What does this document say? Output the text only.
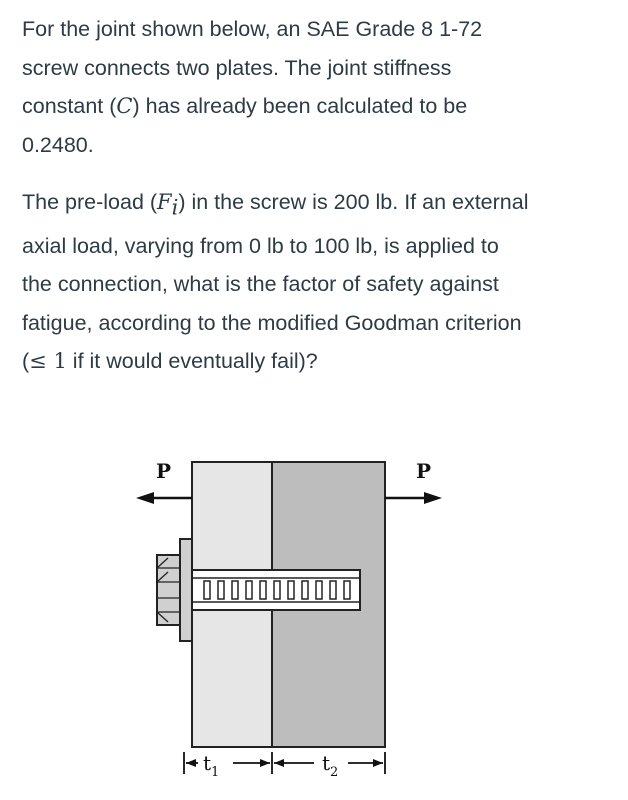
For the joint shown below, an SAE Grade 8 1-72
screw connects two plates. The joint stiffness
constant (C) has already been calculated to be
0.2480.

The pre-load $(F_i)$ in the screw is 200 lb. If an external
axial load, varying from 0 lb to 100 lb, is applied to
the connection, what is the factor of safety against
fatigue, according to the modified Goodman criterion
(≤ 1 if it would eventually fail)?

P	P
$t_1$	$t_2$
